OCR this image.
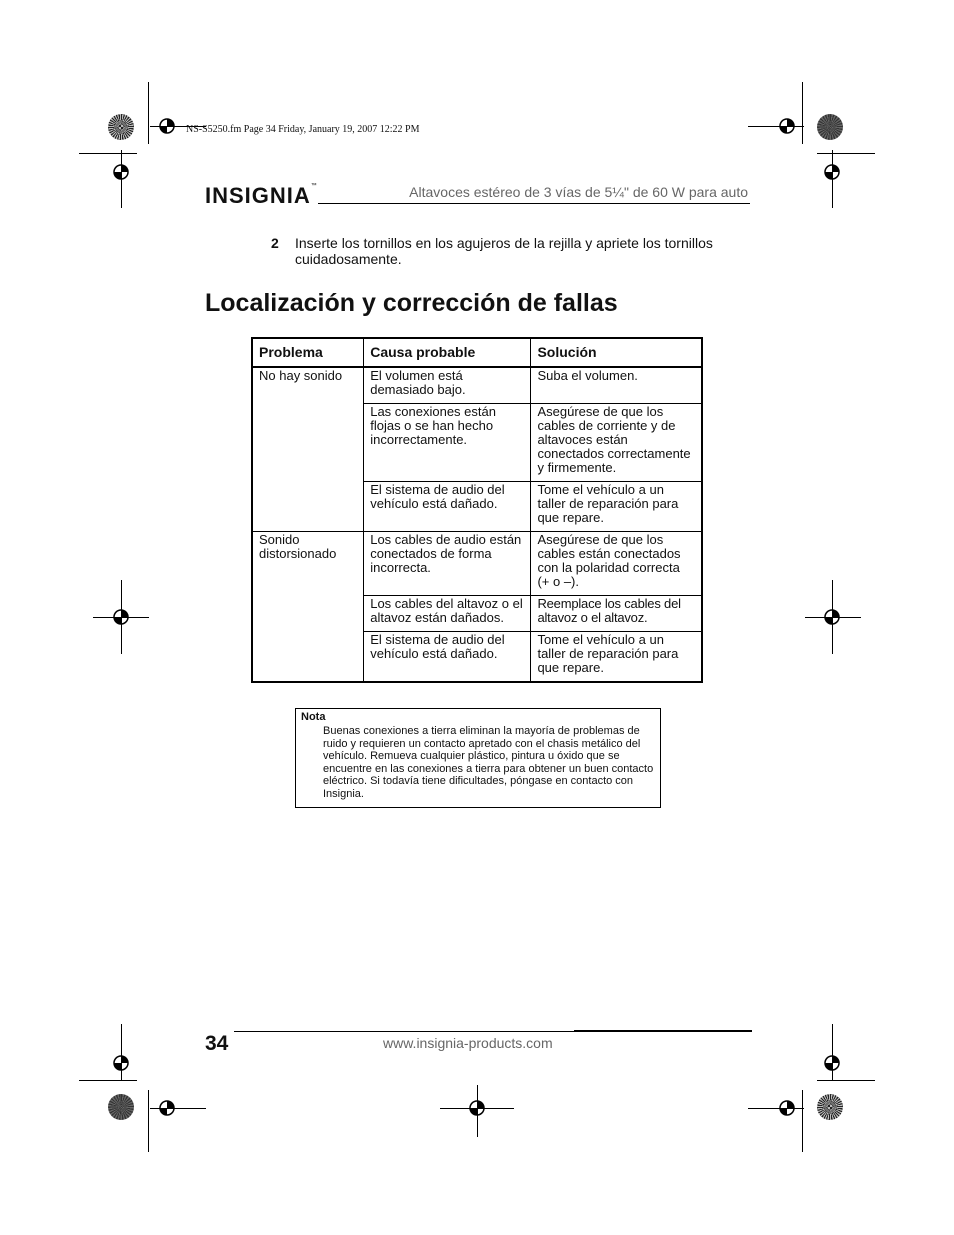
NS-S5250.fm Page 34 Friday, January 19, 2007 12:22 PM
INSIGNIA™	Altavoces estéreo de 3 vías de 5¼" de 60 W para auto
2 Inserte los tornillos en los agujeros de la rejilla y apriete los tornillos cuidadosamente.
Localización y corrección de fallas
Problema	Causa probable	Solución
No hay sonido	El volumen está demasiado bajo.	Suba el volumen.
	Las conexiones están flojas o se han hecho incorrectamente.	Asegúrese de que los cables de corriente y de altavoces están conectados correctamente y firmemente.
	El sistema de audio del vehículo está dañado.	Tome el vehículo a un taller de reparación para que repare.
Sonido distorsionado	Los cables de audio están conectados de forma incorrecta.	Asegúrese de que los cables están conectados con la polaridad correcta (+ o –).
	Los cables del altavoz o el altavoz están dañados.	Reemplace los cables del altavoz o el altavoz.
	El sistema de audio del vehículo está dañado.	Tome el vehículo a un taller de reparación para que repare.
Nota
Buenas conexiones a tierra eliminan la mayoría de problemas de ruido y requieren un contacto apretado con el chasis metálico del vehículo. Remueva cualquier plástico, pintura u óxido que se encuentre en las conexiones a tierra para obtener un buen contacto eléctrico. Si todavía tiene dificultades, póngase en contacto con Insignia.
34	www.insignia-products.com
